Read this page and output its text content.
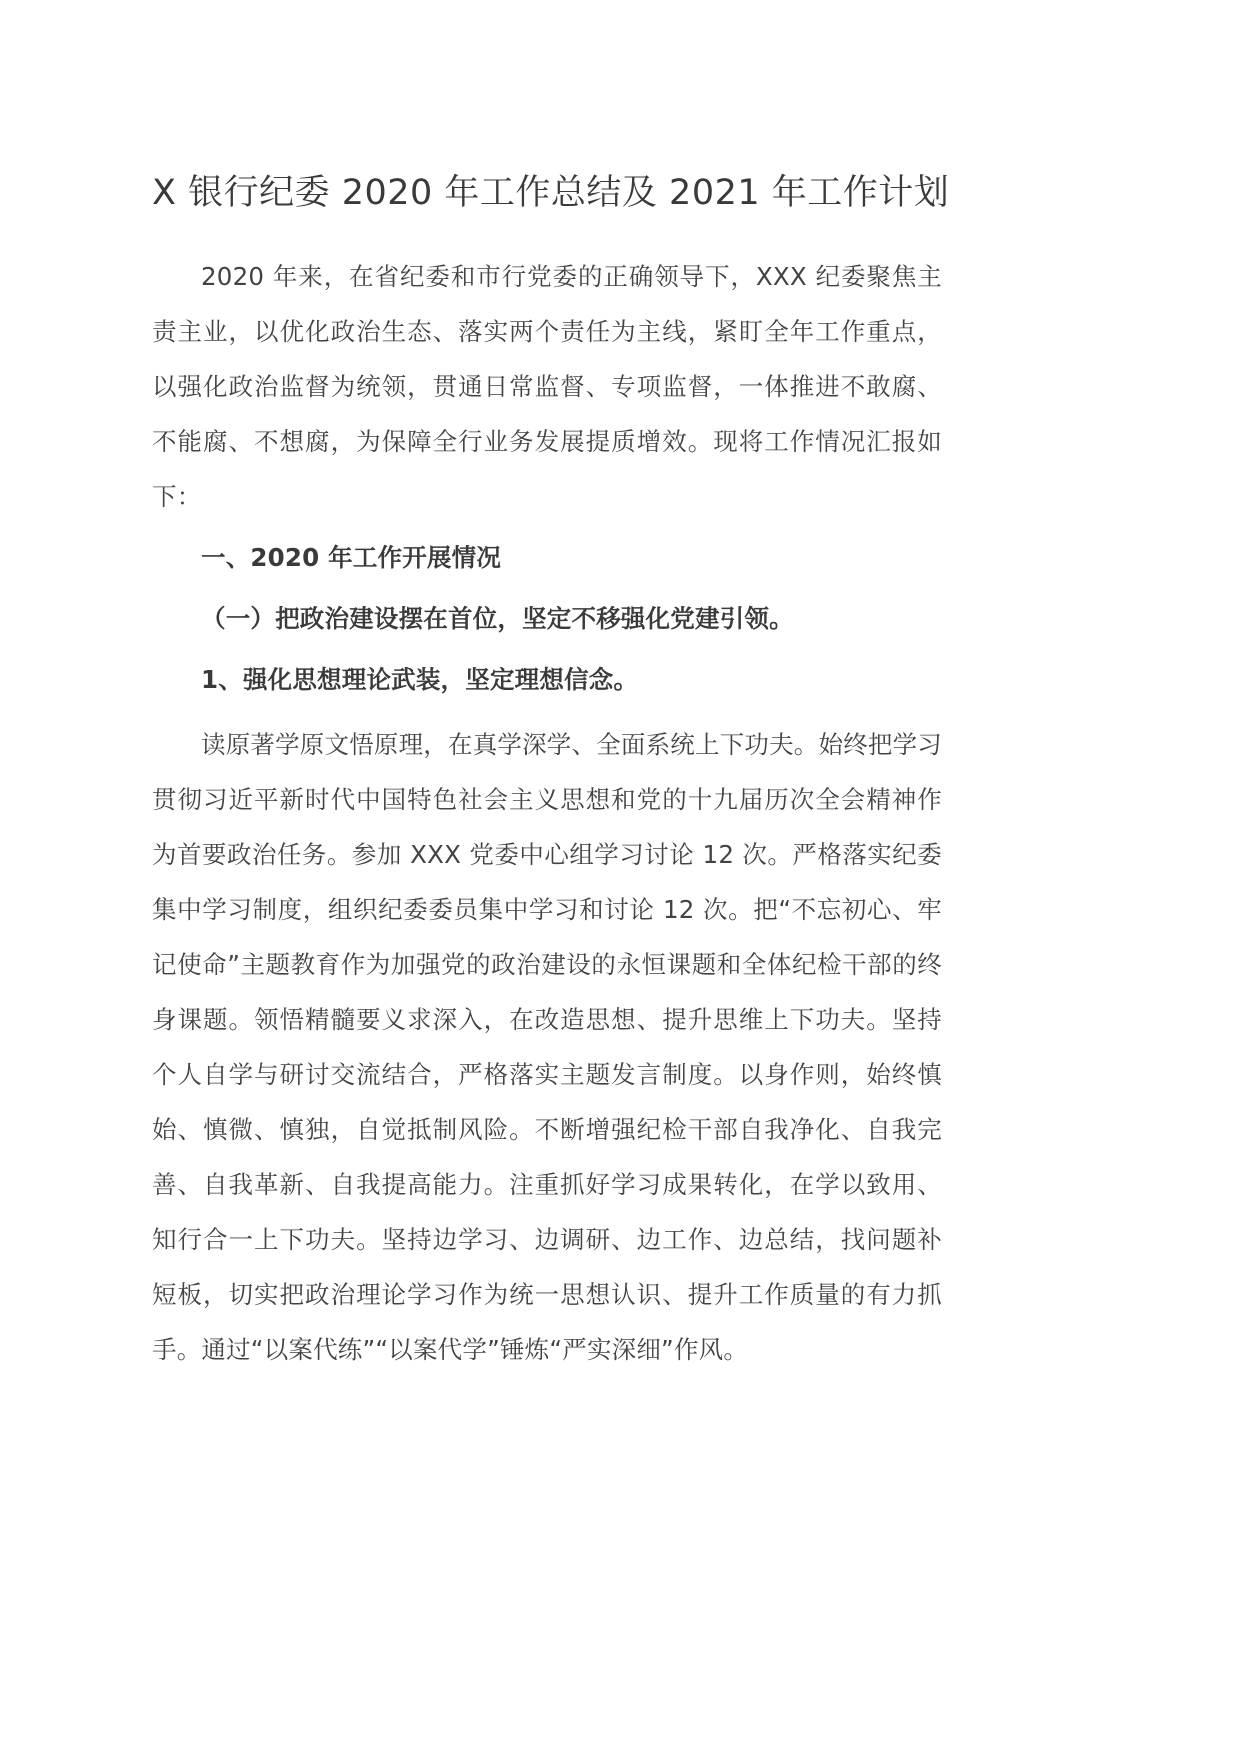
X 银行纪委 2020 年工作总结及 2021 年工作计划

2020 年来，在省纪委和市行党委的正确领导下，XXX 纪委聚焦主责主业，以优化政治生态、落实两个责任为主线，紧盯全年工作重点，以强化政治监督为统领，贯通日常监督、专项监督，一体推进不敢腐、不能腐、不想腐，为保障全行业务发展提质增效。现将工作情况汇报如下：

一、2020 年工作开展情况

（一）把政治建设摆在首位，坚定不移强化党建引领。

1、强化思想理论武装，坚定理想信念。

读原著学原文悟原理，在真学深学、全面系统上下功夫。始终把学习贯彻习近平新时代中国特色社会主义思想和党的十九届历次全会精神作为首要政治任务。参加 XXX 党委中心组学习讨论 12 次。严格落实纪委集中学习制度，组织纪委委员集中学习和讨论 12 次。把“不忘初心、牢记使命”主题教育作为加强党的政治建设的永恒课题和全体纪检干部的终身课题。领悟精髓要义求深入，在改造思想、提升思维上下功夫。坚持个人自学与研讨交流结合，严格落实主题发言制度。以身作则，始终慎始、慎微、慎独，自觉抵制风险。不断增强纪检干部自我净化、自我完善、自我革新、自我提高能力。注重抓好学习成果转化，在学以致用、知行合一上下功夫。坚持边学习、边调研、边工作、边总结，找问题补短板，切实把政治理论学习作为统一思想认识、提升工作质量的有力抓手。通过“以案代练”“以案代学”锤炼“严实深细”作风。
